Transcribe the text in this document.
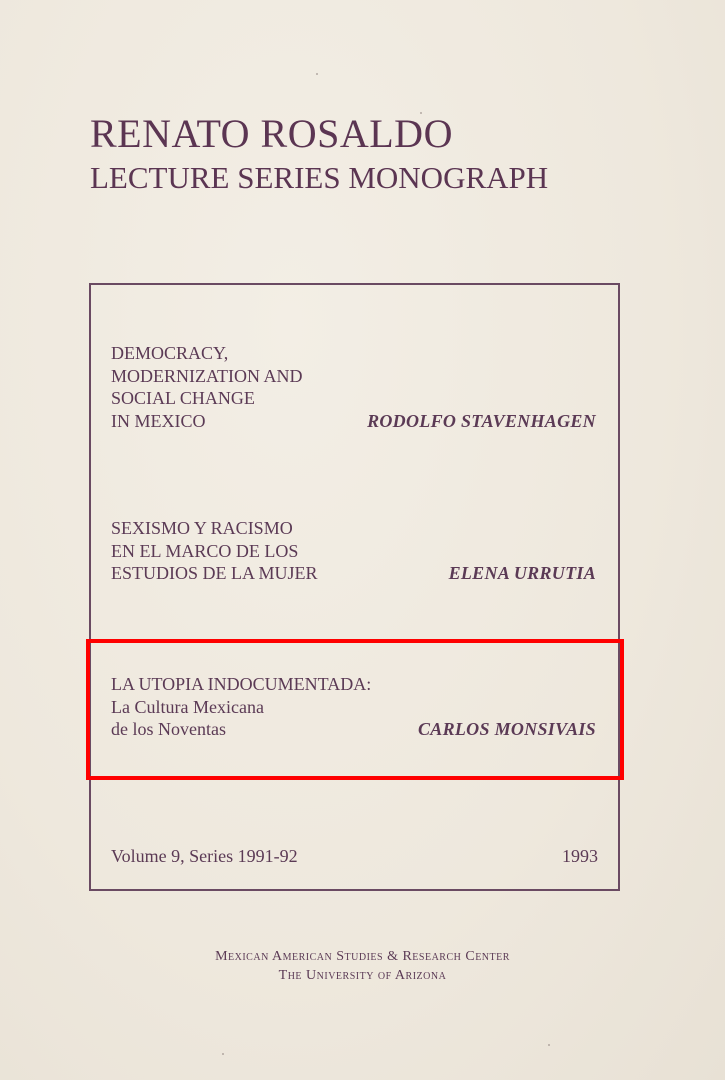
RENATO ROSALDO
LECTURE SERIES MONOGRAPH
DEMOCRACY,
MODERNIZATION AND
SOCIAL CHANGE
IN MEXICO	RODOLFO STAVENHAGEN
SEXISMO Y RACISMO
EN EL MARCO DE LOS
ESTUDIOS DE LA MUJER	ELENA URRUTIA
LA UTOPIA INDOCUMENTADA:
La Cultura Mexicana
de los Noventas	CARLOS MONSIVAIS
Volume 9, Series 1991-92	1993
Mexican American Studies & Research Center
The University of Arizona
